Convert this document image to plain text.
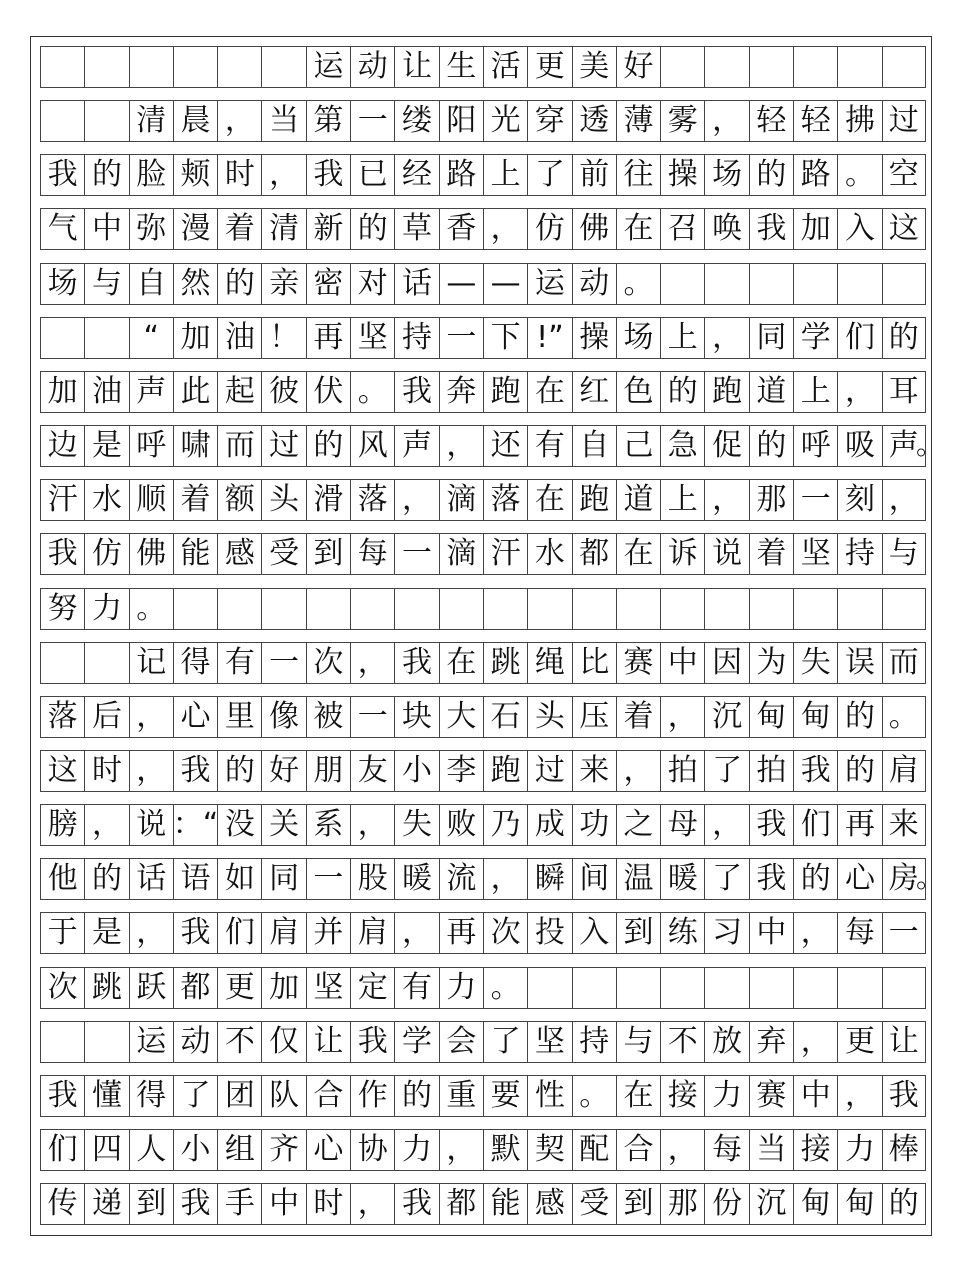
运 动 让 生 活 更 美 好
清 晨 ， 当 第 一 缕 阳 光 穿 透 薄 雾 ， 轻 轻 拂 过
我 的 脸 颊 时 ， 我 已 经 路 上 了 前 往 操 场 的 路 。 空
气 中 弥 漫 着 清 新 的 草 香 ， 仿 佛 在 召 唤 我 加 入 这
场 与 自 然 的 亲 密 对 话 — — 运 动 。
“ 加 油 ！ 再 坚 持 一 下 !” 操 场 上 ， 同 学 们 的
加 油 声 此 起 彼 伏 。 我 奔 跑 在 红 色 的 跑 道 上 ， 耳
边 是 呼 啸 而 过 的 风 声 ， 还 有 自 己 急 促 的 呼 吸 声
。
汗 水 顺 着 额 头 滑 落 ， 滴 落 在 跑 道 上 ， 那 一 刻 ，
我 仿 佛 能 感 受 到 每 一 滴 汗 水 都 在 诉 说 着 坚 持 与
努 力 。
记 得 有 一 次 ， 我 在 跳 绳 比 赛 中 因 为 失 误 而
落 后 ， 心 里 像 被 一 块 大 石 头 压 着 ， 沉 甸 甸 的 。
这 时 ， 我 的 好 朋 友 小 李 跑 过 来 ， 拍 了 拍 我 的 肩
膀 ， 说 ：“ 没 关 系 ， 失 败 乃 成 功 之 母 ， 我 们 再 来
他 的 话 语 如 同 一 股 暖 流 ， 瞬 间 温 暖 了 我 的 心 房
。
于 是 ， 我 们 肩 并 肩 ， 再 次 投 入 到 练 习 中 ， 每 一
次 跳 跃 都 更 加 坚 定 有 力 。
运 动 不 仅 让 我 学 会 了 坚 持 与 不 放 弃 ， 更 让
我 懂 得 了 团 队 合 作 的 重 要 性 。 在 接 力 赛 中 ， 我
们 四 人 小 组 齐 心 协 力 ， 默 契 配 合 ， 每 当 接 力 棒
传 递 到 我 手 中 时 ， 我 都 能 感 受 到 那 份 沉 甸 甸 的
